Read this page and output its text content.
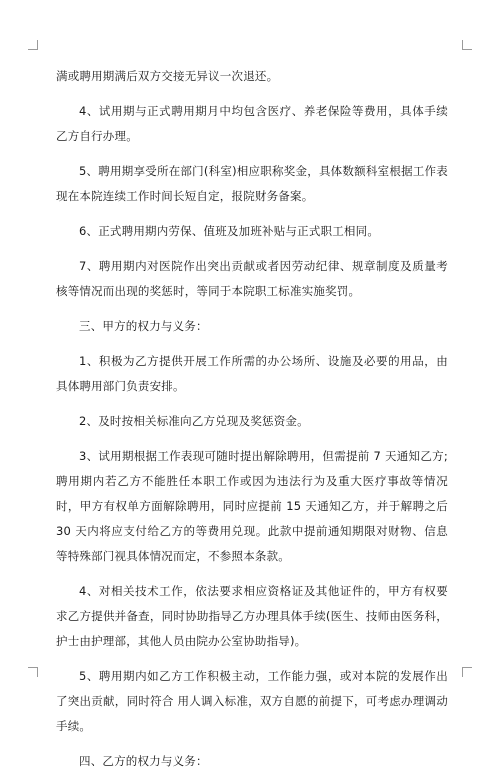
满或聘用期满后双方交接无异议一次退还。

4、试用期与正式聘用期月中均包含医疗、养老保险等费用，具体手续乙方自行办理。

5、聘用期享受所在部门(科室)相应职称奖金，具体数额科室根据工作表现在本院连续工作时间长短自定，报院财务备案。

6、正式聘用期内劳保、值班及加班补贴与正式职工相同。

7、聘用期内对医院作出突出贡献或者因劳动纪律、规章制度及质量考核等情况而出现的奖惩时，等同于本院职工标准实施奖罚。

三、甲方的权力与义务：

1、积极为乙方提供开展工作所需的办公场所、设施及必要的用品，由具体聘用部门负责安排。

2、及时按相关标准向乙方兑现及奖惩资金。

3、试用期根据工作表现可随时提出解除聘用，但需提前 7 天通知乙方;聘用期内若乙方不能胜任本职工作或因为违法行为及重大医疗事故等情况时，甲方有权单方面解除聘用，同时应提前 15 天通知乙方，并于解聘之后 30 天内将应支付给乙方的等费用兑现。此款中提前通知期限对财物、信息等特殊部门视具体情况而定，不参照本条款。

4、对相关技术工作，依法要求相应资格证及其他证件的，甲方有权要求乙方提供并备查，同时协助指导乙方办理具体手续(医生、技师由医务科，护士由护理部，其他人员由院办公室协助指导)。

5、聘用期内如乙方工作积极主动，工作能力强，或对本院的发展作出了突出贡献，同时符合 用人调入标准，双方自愿的前提下，可考虑办理调动手续。

四、乙方的权力与义务：
